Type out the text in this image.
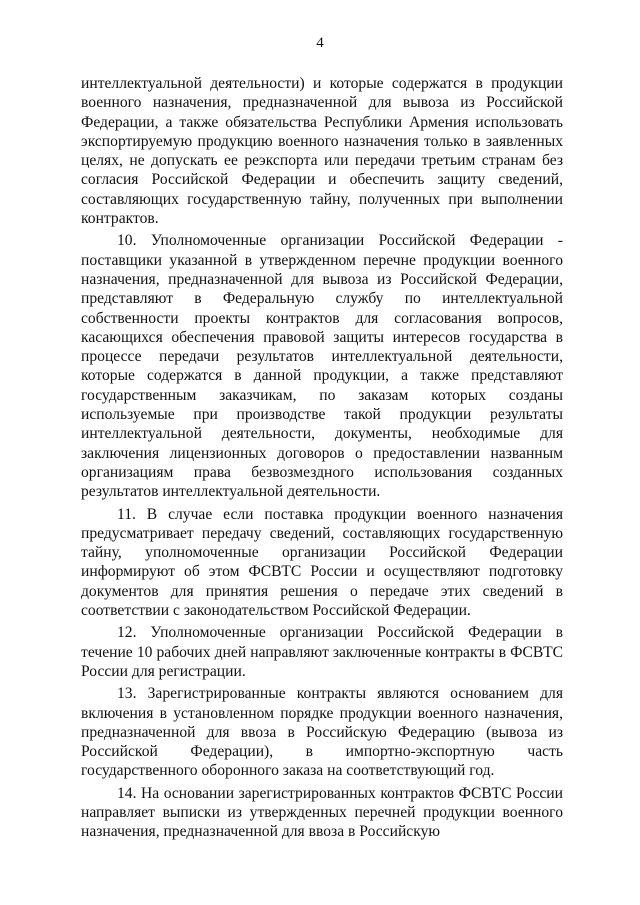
4

интеллектуальной деятельности) и которые содержатся в продукции военного назначения, предназначенной для вывоза из Российской Федерации, а также обязательства Республики Армения использовать экспортируемую продукцию военного назначения только в заявленных целях, не допускать ее реэкспорта или передачи третьим странам без согласия Российской Федерации и обеспечить защиту сведений, составляющих государственную тайну, полученных при выполнении контрактов.

10. Уполномоченные организации Российской Федерации - поставщики указанной в утвержденном перечне продукции военного назначения, предназначенной для вывоза из Российской Федерации, представляют в Федеральную службу по интеллектуальной собственности проекты контрактов для согласования вопросов, касающихся обеспечения правовой защиты интересов государства в процессе передачи результатов интеллектуальной деятельности, которые содержатся в данной продукции, а также представляют государственным заказчикам, по заказам которых созданы используемые при производстве такой продукции результаты интеллектуальной деятельности, документы, необходимые для заключения лицензионных договоров о предоставлении названным организациям права безвозмездного использования созданных результатов интеллектуальной деятельности.

11. В случае если поставка продукции военного назначения предусматривает передачу сведений, составляющих государственную тайну, уполномоченные организации Российской Федерации информируют об этом ФСВТС России и осуществляют подготовку документов для принятия решения о передаче этих сведений в соответствии с законодательством Российской Федерации.

12. Уполномоченные организации Российской Федерации в течение 10 рабочих дней направляют заключенные контракты в ФСВТС России для регистрации.

13. Зарегистрированные контракты являются основанием для включения в установленном порядке продукции военного назначения, предназначенной для ввоза в Российскую Федерацию (вывоза из Российской Федерации), в импортно-экспортную часть государственного оборонного заказа на соответствующий год.

14. На основании зарегистрированных контрактов ФСВТС России направляет выписки из утвержденных перечней продукции военного назначения, предназначенной для ввоза в Российскую
